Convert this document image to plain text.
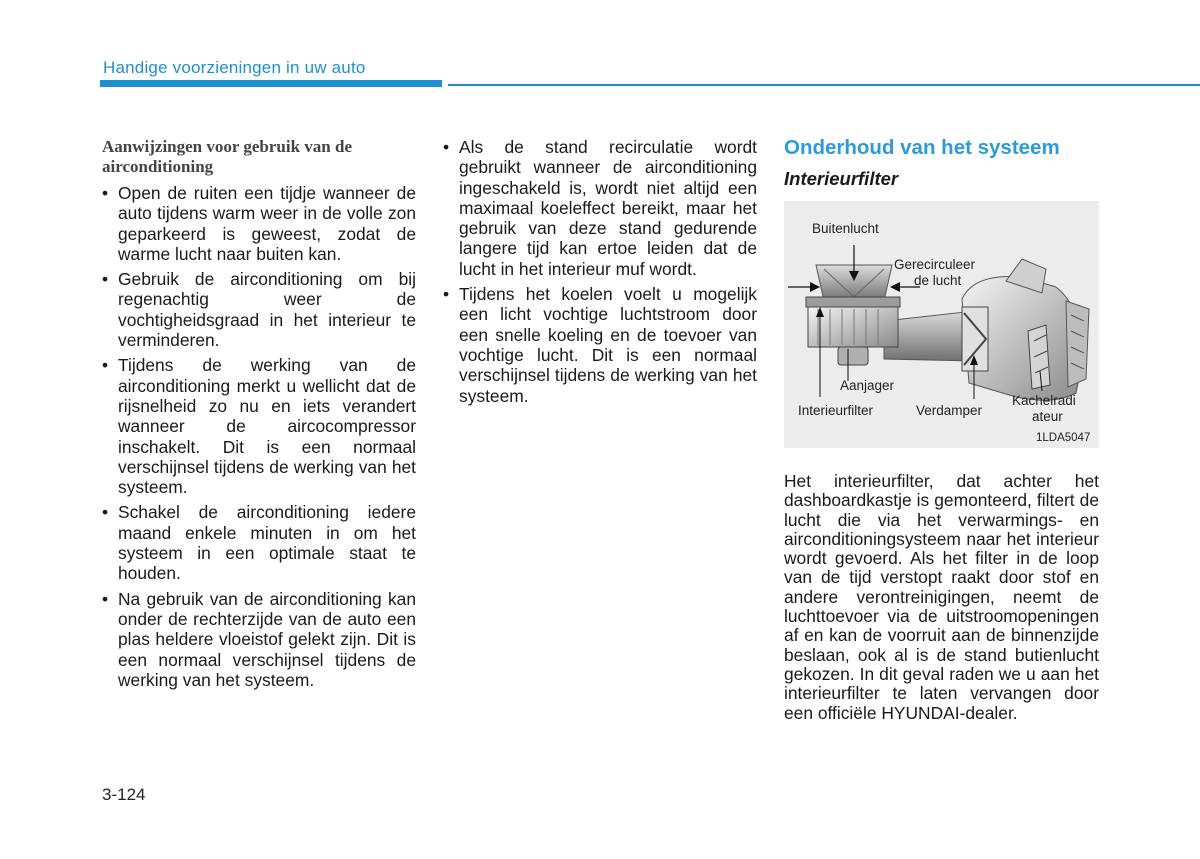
Handige voorzieningen in uw auto
Aanwijzingen voor gebruik van de airconditioning
• Open de ruiten een tijdje wanneer de auto tijdens warm weer in de volle zon geparkeerd is geweest, zodat de warme lucht naar buiten kan.
• Gebruik de airconditioning om bij regenachtig weer de vochtigheidsgraad in het interieur te verminderen.
• Tijdens de werking van de airconditioning merkt u wellicht dat de rijsnelheid zo nu en iets verandert wanneer de aircocompressor inschakelt. Dit is een normaal verschijnsel tijdens de werking van het systeem.
• Schakel de airconditioning iedere maand enkele minuten in om het systeem in een optimale staat te houden.
• Na gebruik van de airconditioning kan onder de rechterzijde van de auto een plas heldere vloeistof gelekt zijn. Dit is een normaal verschijnsel tijdens de werking van het systeem.
• Als de stand recirculatie wordt gebruikt wanneer de airconditioning ingeschakeld is, wordt niet altijd een maximaal koeleffect bereikt, maar het gebruik van deze stand gedurende langere tijd kan ertoe leiden dat de lucht in het interieur muf wordt.
• Tijdens het koelen voelt u mogelijk een licht vochtige luchtstroom door een snelle koeling en de toevoer van vochtige lucht. Dit is een normaal verschijnsel tijdens de werking van het systeem.
Onderhoud van het systeem
Interieurfilter
Buitenlucht
Gerecirculeer
de lucht
Aanjager
Interieurfilter	Verdamper
Kachelradi
ateur
1LDA5047
Het interieurfilter, dat achter het dashboardkastje is gemonteerd, filtert de lucht die via het verwarmings- en airconditioningsysteem naar het interieur wordt gevoerd. Als het filter in de loop van de tijd verstopt raakt door stof en andere verontreinigingen, neemt de luchttoevoer via de uitstroomopeningen af en kan de voorruit aan de binnenzijde beslaan, ook al is de stand butienlucht gekozen. In dit geval raden we u aan het interieurfilter te laten vervangen door een officiële HYUNDAI-dealer.
3-124
